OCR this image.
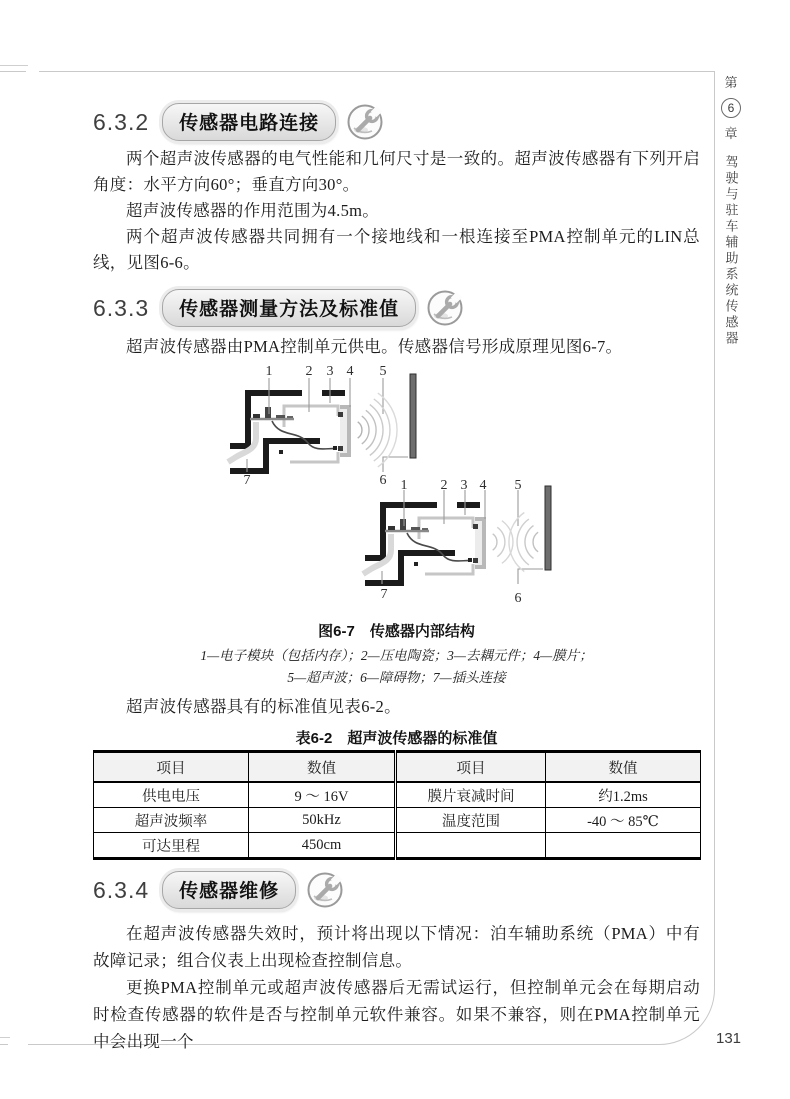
第
6
章
驾驶与驻车辅助系统传感器
131
6.3.2	传感器电路连接

两个超声波传感器的电气性能和几何尺寸是一致的。超声波传感器有下列开启角度：水平方向60°；垂直方向30°。

超声波传感器的作用范围为4.5m。

两个超声波传感器共同拥有一个接地线和一根连接至PMA控制单元的LIN总线，见图6-6。

6.3.3	传感器测量方法及标准值

超声波传感器由PMA控制单元供电。传感器信号形成原理见图6-7。

1 2 3 4 5
7	6 1 2 3 4 5
7	6
图6-7　传感器内部结构
1—电子模块（包括内存）；2—压电陶瓷；3—去耦元件；4—膜片；
5—超声波；6—障碍物；7—插头连接

超声波传感器具有的标准值见表6-2。

表6-2　超声波传感器的标准值
项目	数值	项目	数值
供电电压	9 ～ 16V	膜片衰减时间	约1.2ms
超声波频率	50kHz	温度范围	-40 ～ 85℃
可达里程	450cm		
6.3.4	传感器维修

在超声波传感器失效时，预计将出现以下情况：泊车辅助系统（PMA）中有故障记录；组合仪表上出现检查控制信息。

更换PMA控制单元或超声波传感器后无需试运行，但控制单元会在每期启动时检查传感器的软件是否与控制单元软件兼容。如果不兼容，则在PMA控制单元中会出现一个
